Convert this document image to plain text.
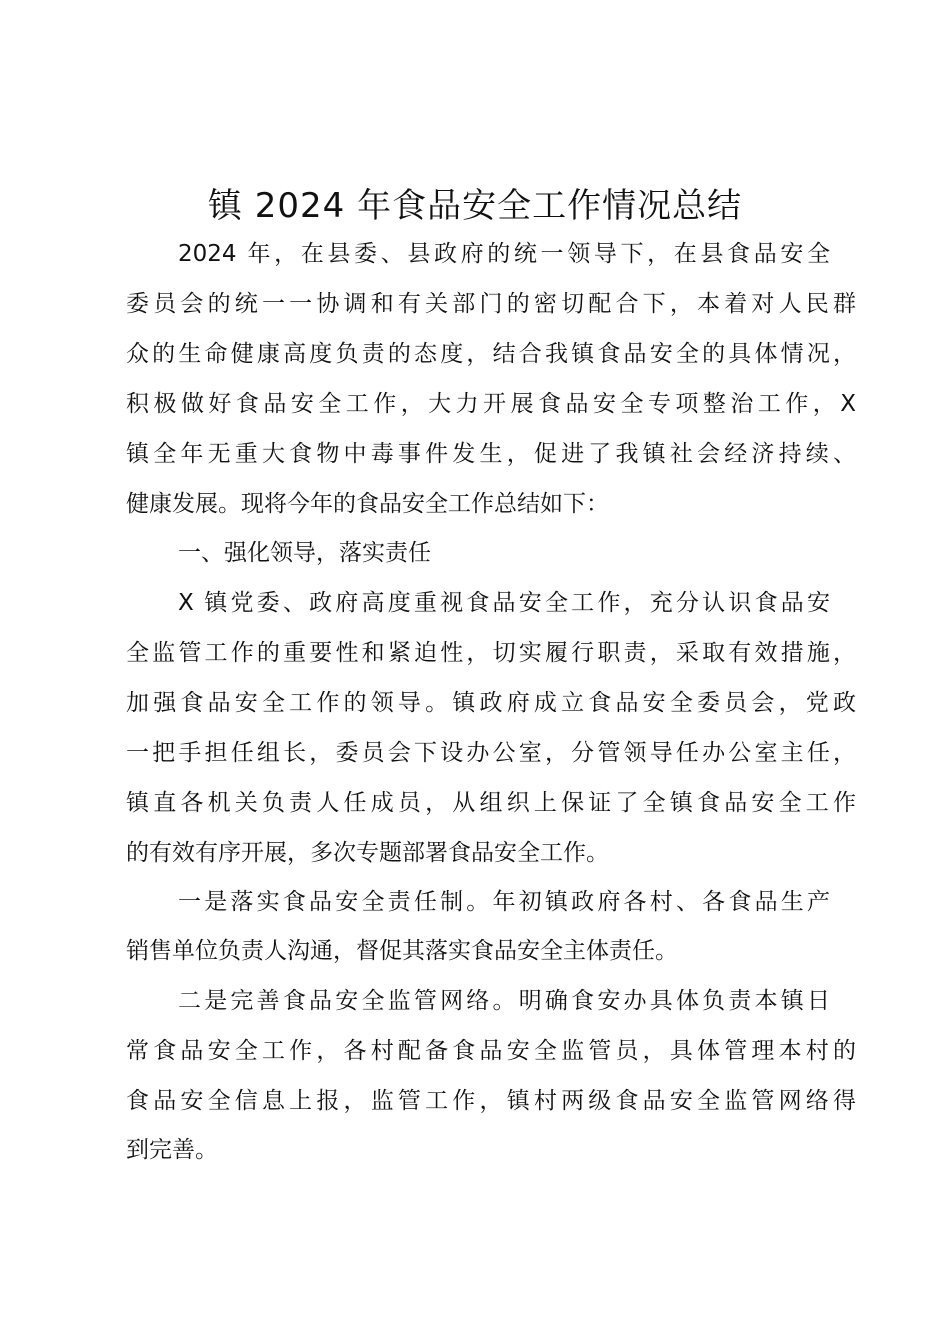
镇 2024 年食品安全工作情况总结
2024 年，在县委、县政府的统一领导下，在县食品安全
委员会的统一一协调和有关部门的密切配合下，本着对人民群
众的生命健康高度负责的态度，结合我镇食品安全的具体情况，
积极做好食品安全工作，大力开展食品安全专项整治工作，X
镇全年无重大食物中毒事件发生，促进了我镇社会经济持续、
健康发展。现将今年的食品安全工作总结如下：
一、强化领导，落实责任
X 镇党委、政府高度重视食品安全工作，充分认识食品安
全监管工作的重要性和紧迫性，切实履行职责，采取有效措施，
加强食品安全工作的领导。镇政府成立食品安全委员会，党政
一把手担任组长，委员会下设办公室，分管领导任办公室主任，
镇直各机关负责人任成员，从组织上保证了全镇食品安全工作
的有效有序开展，多次专题部署食品安全工作。
一是落实食品安全责任制。年初镇政府各村、各食品生产
销售单位负责人沟通，督促其落实食品安全主体责任。
二是完善食品安全监管网络。明确食安办具体负责本镇日
常食品安全工作，各村配备食品安全监管员，具体管理本村的
食品安全信息上报，监管工作，镇村两级食品安全监管网络得
到完善。
